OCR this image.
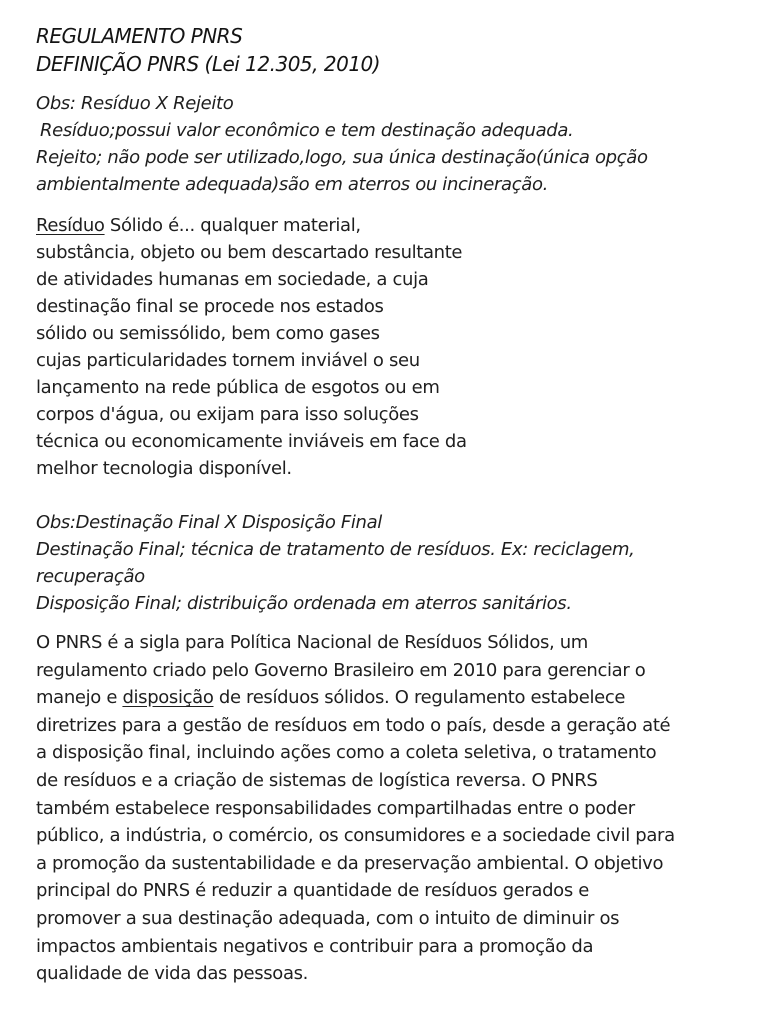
REGULAMENTO PNRS
DEFINIÇÃO PNRS (Lei 12.305, 2010)
Obs: Resíduo X Rejeito
Resíduo;possui valor econômico e tem destinação adequada.
Rejeito; não pode ser utilizado,logo, sua única destinação(única opção
ambientalmente adequada)são em aterros ou incineração.
Resíduo Sólido é... qualquer material,
substância, objeto ou bem descartado resultante
de atividades humanas em sociedade, a cuja
destinação final se procede nos estados
sólido ou semissólido, bem como gases
cujas particularidades tornem inviável o seu
lançamento na rede pública de esgotos ou em
corpos d'água, ou exijam para isso soluções
técnica ou economicamente inviáveis em face da
melhor tecnologia disponível.
Obs:Destinação Final X Disposição Final
Destinação Final; técnica de tratamento de resíduos. Ex: reciclagem,
recuperação
Disposição Final; distribuição ordenada em aterros sanitários.
O PNRS é a sigla para Política Nacional de Resíduos Sólidos, um
regulamento criado pelo Governo Brasileiro em 2010 para gerenciar o
manejo e disposição de resíduos sólidos. O regulamento estabelece
diretrizes para a gestão de resíduos em todo o país, desde a geração até
a disposição final, incluindo ações como a coleta seletiva, o tratamento
de resíduos e a criação de sistemas de logística reversa. O PNRS
também estabelece responsabilidades compartilhadas entre o poder
público, a indústria, o comércio, os consumidores e a sociedade civil para
a promoção da sustentabilidade e da preservação ambiental. O objetivo
principal do PNRS é reduzir a quantidade de resíduos gerados e
promover a sua destinação adequada, com o intuito de diminuir os
impactos ambientais negativos e contribuir para a promoção da
qualidade de vida das pessoas.
